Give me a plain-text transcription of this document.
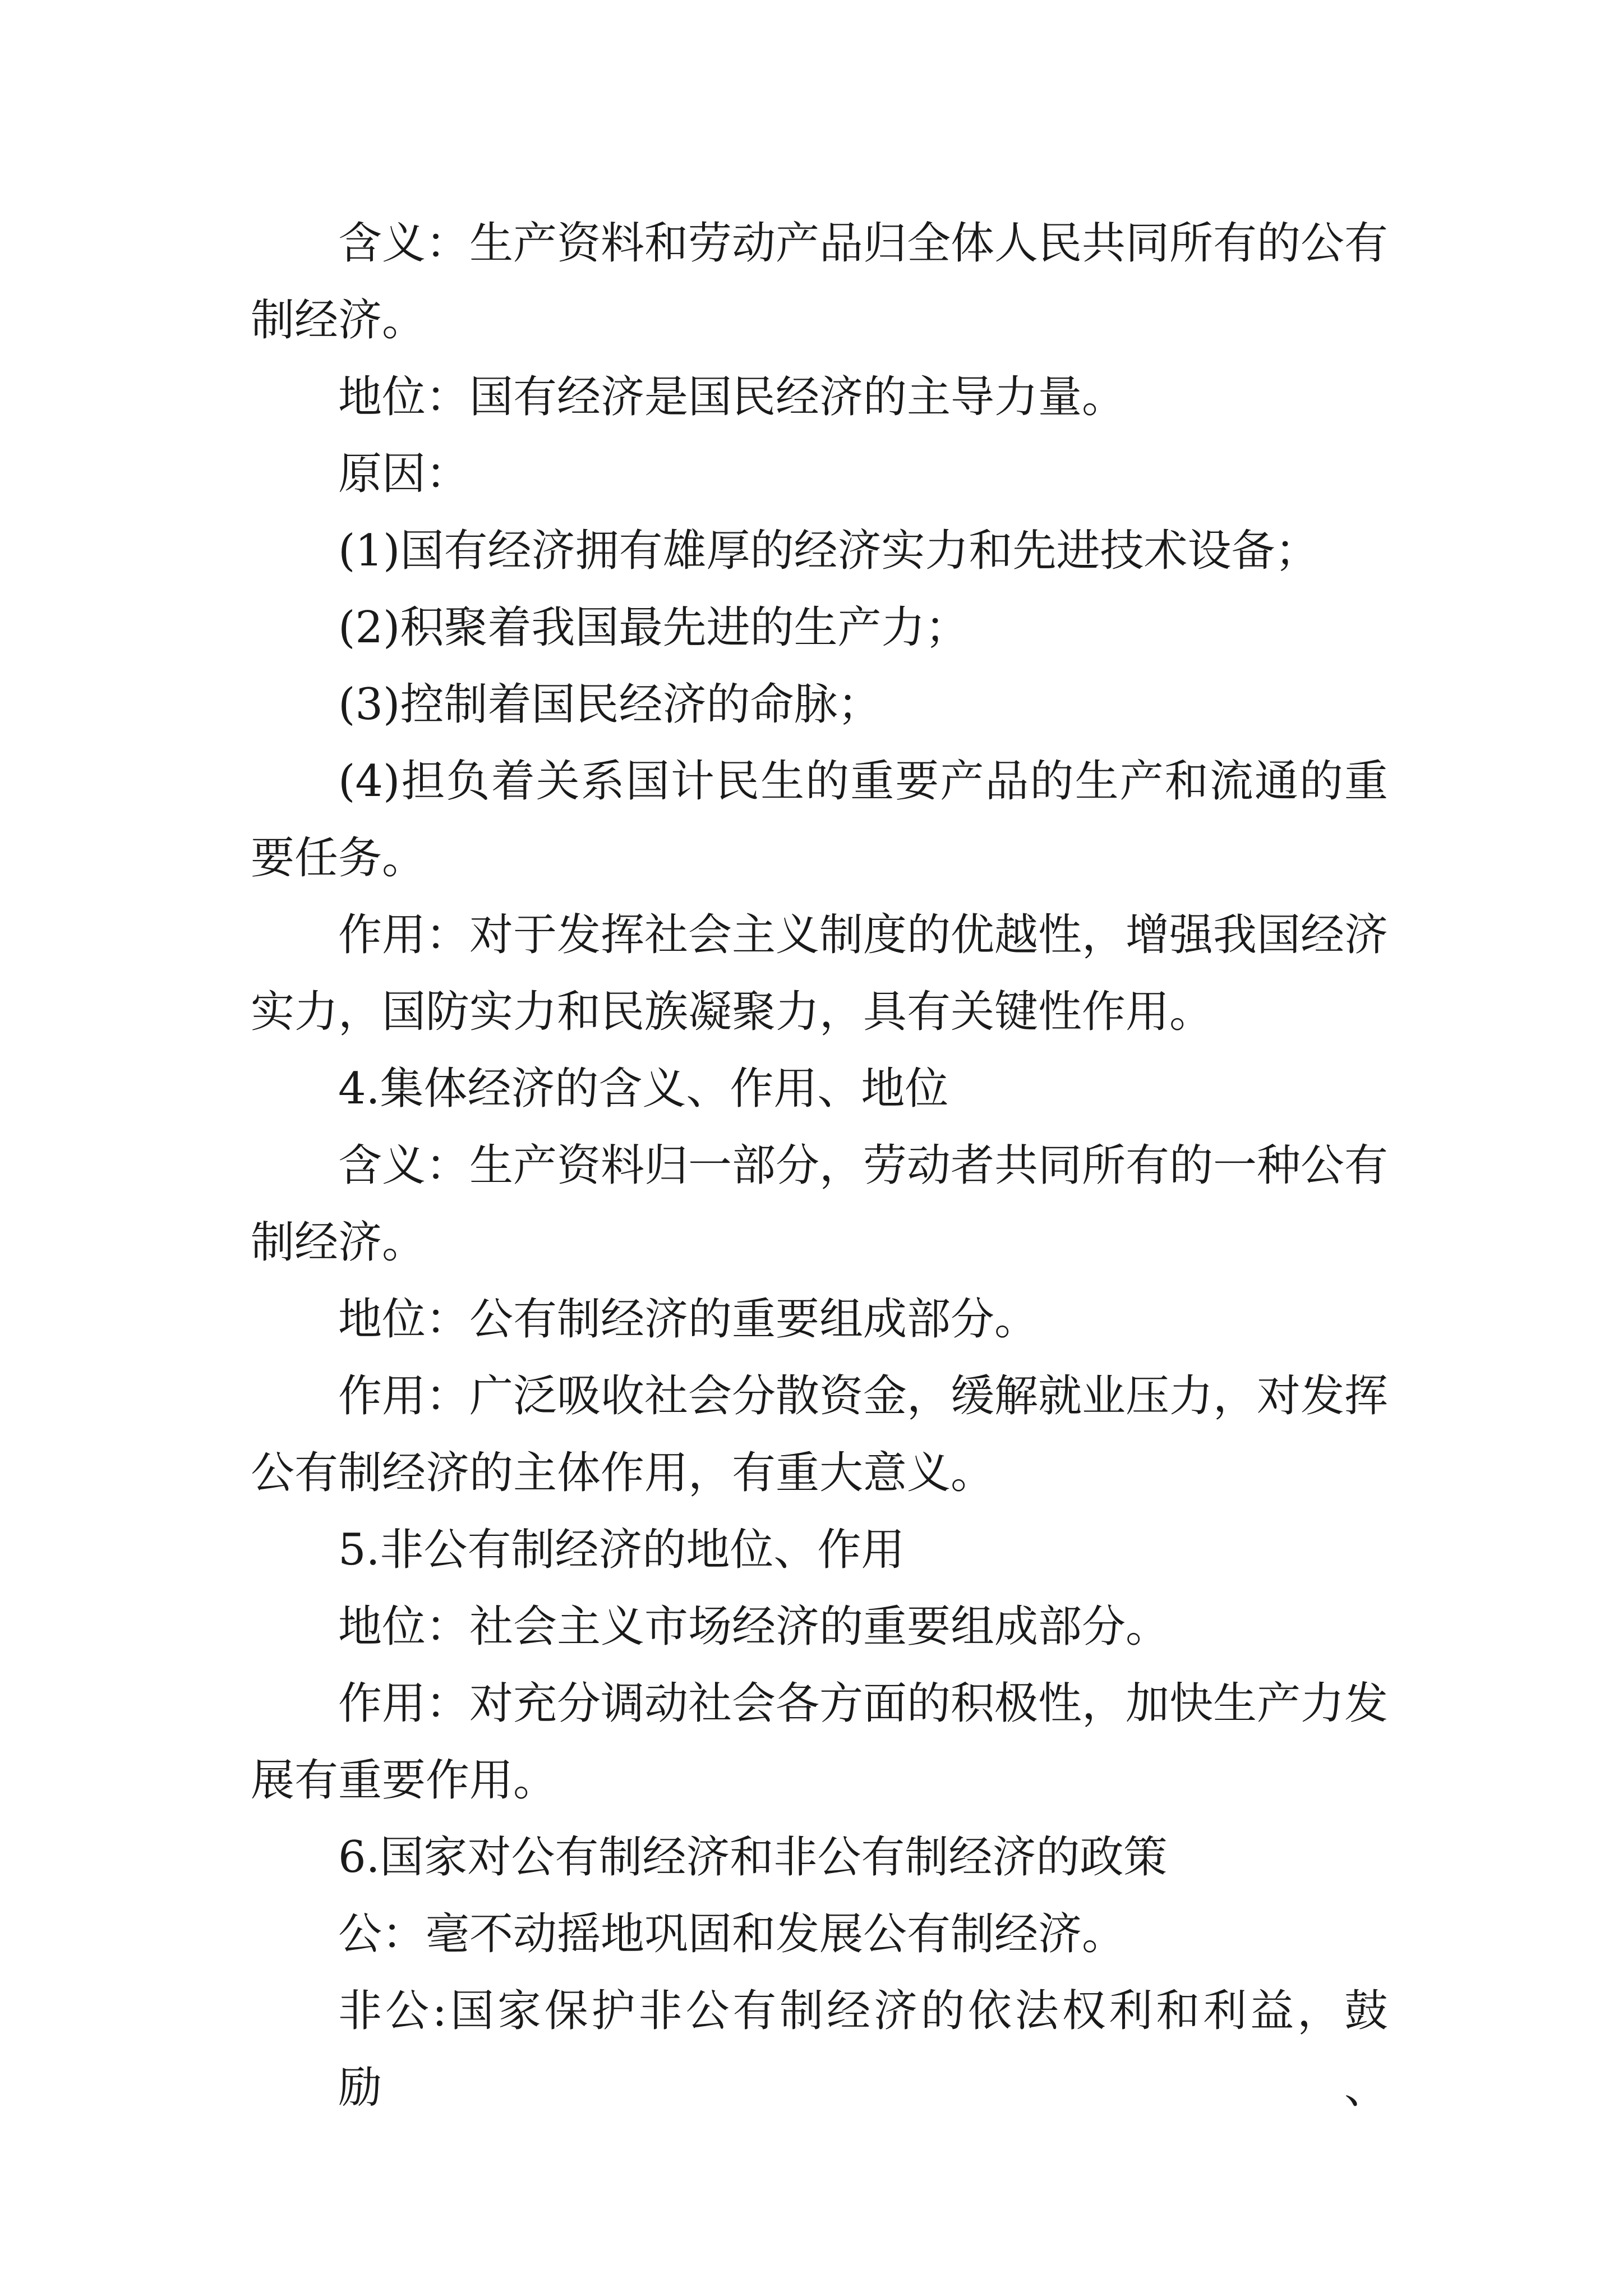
含义：生产资料和劳动产品归全体人民共同所有的公有
制经济。
地位：国有经济是国民经济的主导力量。
原因：
(1)国有经济拥有雄厚的经济实力和先进技术设备；
(2)积聚着我国最先进的生产力；
(3)控制着国民经济的命脉；
(4)担负着关系国计民生的重要产品的生产和流通的重
要任务。
作用：对于发挥社会主义制度的优越性，增强我国经济
实力，国防实力和民族凝聚力，具有关键性作用。
4.集体经济的含义、作用、地位
含义：生产资料归一部分，劳动者共同所有的一种公有
制经济。
地位：公有制经济的重要组成部分。
作用：广泛吸收社会分散资金，缓解就业压力，对发挥
公有制经济的主体作用，有重大意义。
5.非公有制经济的地位、作用
地位：社会主义市场经济的重要组成部分。
作用：对充分调动社会各方面的积极性，加快生产力发
展有重要作用。
6.国家对公有制经济和非公有制经济的政策
公：毫不动摇地巩固和发展公有制经济。
非公:国家保护非公有制经济的依法权利和利益，鼓励、
